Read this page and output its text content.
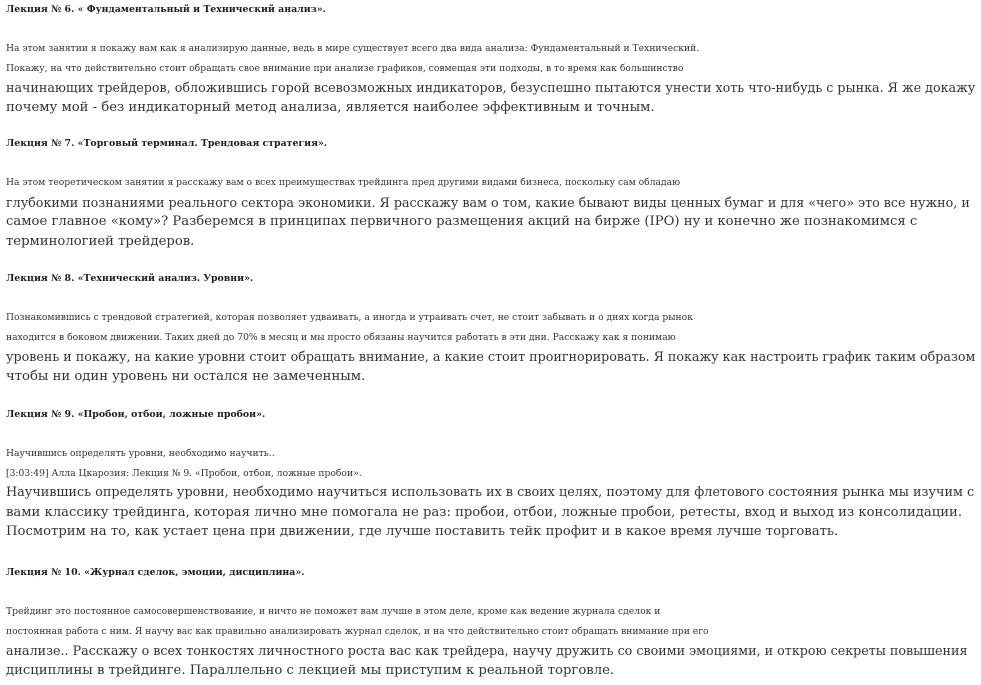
Лекция № 6. « Фундаментальный и Технический анализ».

На этом занятии я покажу вам как я анализирую данные, ведь в мире существует всего два вида анализа: Фундаментальный и Технический.
Покажу, на что действительно стоит обращать свое внимание при анализе графиков, совмещая эти подходы, в то время как большинство
начинающих трейдеров, обложившись горой всевозможных индикаторов, безуспешно пытаются унести хоть что-нибудь с рынка. Я же докажу
почему мой - без индикаторный метод анализа, является наиболее эффективным и точным.

Лекция № 7. «Торговый терминал. Трендовая стратегия».

На этом теоретическом занятии я расскажу вам о всех преимуществах трейдинга пред другими видами бизнеса, поскольку сам обладаю
глубокими познаниями реального сектора экономики. Я расскажу вам о том, какие бывают виды ценных бумаг и для «чего» это все нужно, и
самое главное «кому»? Разберемся в принципах первичного размещения акций на бирже (IPO) ну и конечно же познакомимся с
терминологией трейдеров.

Лекция № 8. «Технический анализ. Уровни».

Познакомившись с трендовой стратегией, которая позволяет удваивать, а иногда и утраивать счет, не стоит забывать и о днях когда рынок
находится в боковом движении. Таких дней до 70% в месяц и мы просто обязаны научится работать в эти дни. Расскажу как я понимаю
уровень и покажу, на какие уровни стоит обращать внимание, а какие стоит проигнорировать. Я покажу как настроить график таким образом
чтобы ни один уровень ни остался не замеченным.

Лекция № 9. «Пробои, отбои, ложные пробои».

Научившись определять уровни, необходимо научить..
[3:03:49] Алла Цкарозия: Лекция № 9. «Пробои, отбои, ложные пробои».
Научившись определять уровни, необходимо научиться использовать их в своих целях, поэтому для флетового состояния рынка мы изучим с
вами классику трейдинга, которая лично мне помогала не раз: пробои, отбои, ложные пробои, ретесты, вход и выход из консолидации.
Посмотрим на то, как устает цена при движении, где лучше поставить тейк профит и в какое время лучше торговать.

Лекция № 10. «Журнал сделок, эмоции, дисциплина».

Трейдинг это постоянное самосовершенствование, и ничто не поможет вам лучше в этом деле, кроме как ведение журнала сделок и
постоянная работа с ним. Я научу вас как правильно анализировать журнал сделок, и на что действительно стоит обращать внимание при его
анализе.. Расскажу о всех тонкостях личностного роста вас как трейдера, научу дружить со своими эмоциями, и открою секреты повышения
дисциплины в трейдинге. Параллельно с лекцией мы приступим к реальной торговле.
